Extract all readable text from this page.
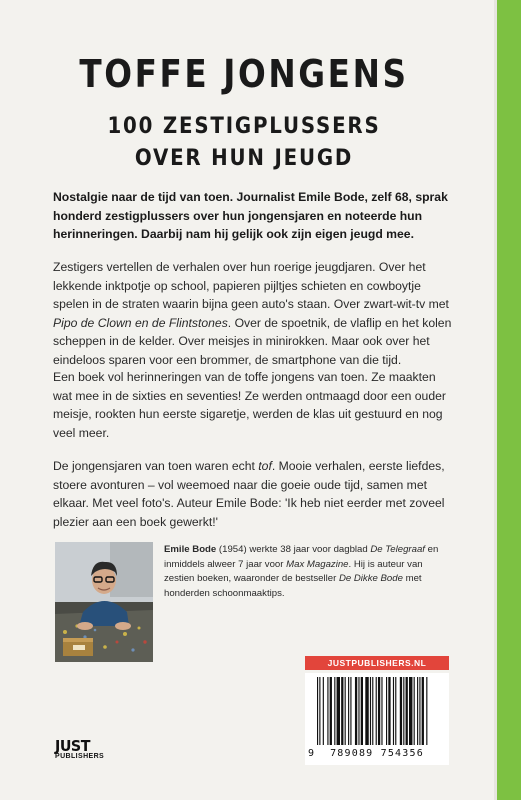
TOFFE JONGENS
100 ZESTIGPLUSSERS
OVER HUN JEUGD
Nostalgie naar de tijd van toen. Journalist Emile Bode, zelf 68, sprak honderd zestigplussers over hun jongensjaren en noteerde hun herinneringen. Daarbij nam hij gelijk ook zijn eigen jeugd mee.
Zestigers vertellen de verhalen over hun roerige jeugdjaren. Over het lekkende inktpotje op school, papieren pijltjes schieten en cowboytje spelen in de straten waarin bijna geen auto's staan. Over zwart-wit-tv met Pipo de Clown en de Flintstones. Over de spoetnik, de vlaflip en het kolen scheppen in de kelder. Over meisjes in minirokken. Maar ook over het eindeloos sparen voor een brommer, de smartphone van die tijd.
Een boek vol herinneringen van de toffe jongens van toen. Ze maakten wat mee in de sixties en seventies! Ze werden ontmaagd door een ouder meisje, rookten hun eerste sigaretje, werden de klas uit gestuurd en nog veel meer.
De jongensjaren van toen waren echt tof. Mooie verhalen, eerste liefdes, stoere avonturen – vol weemoed naar die goeie oude tijd, samen met elkaar. Met veel foto's. Auteur Emile Bode: 'Ik heb niet eerder met zoveel plezier aan een boek gewerkt!'
Emile Bode (1954) werkte 38 jaar voor dagblad De Telegraaf en inmiddels alweer 7 jaar voor Max Magazine. Hij is auteur van zestien boeken, waaronder de bestseller De Dikke Bode met honderden schoonmaaktips.
JUSTPUBLISHERS.NL
9	789089 754356
JUST
PUBLISHERS
